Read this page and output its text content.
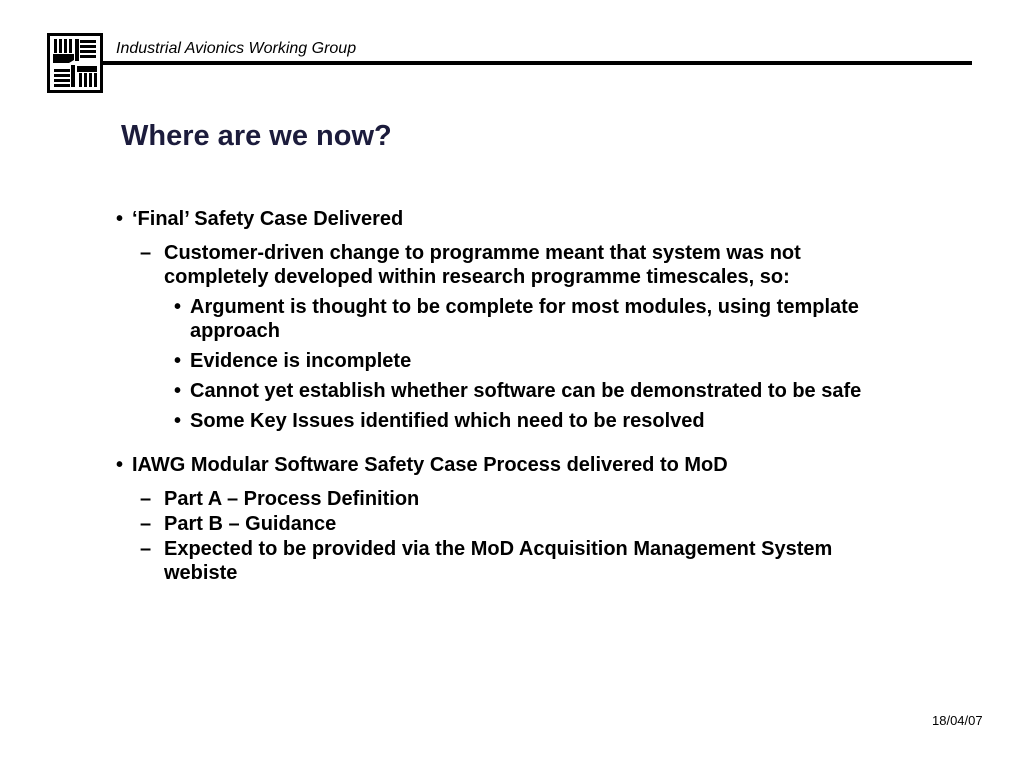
Industrial Avionics Working Group
Where are we now?
• ‘Final’ Safety Case Delivered
– Customer-driven change to programme meant that system was not completely developed within research programme timescales, so:
• Argument is thought to be complete for most modules, using template approach
• Evidence is incomplete
• Cannot yet establish whether software can be demonstrated to be safe
• Some Key Issues identified which need to be resolved
• IAWG Modular Software Safety Case Process delivered to MoD
– Part A – Process Definition
– Part B – Guidance
– Expected to be provided via the MoD Acquisition Management System webiste
18/04/07
